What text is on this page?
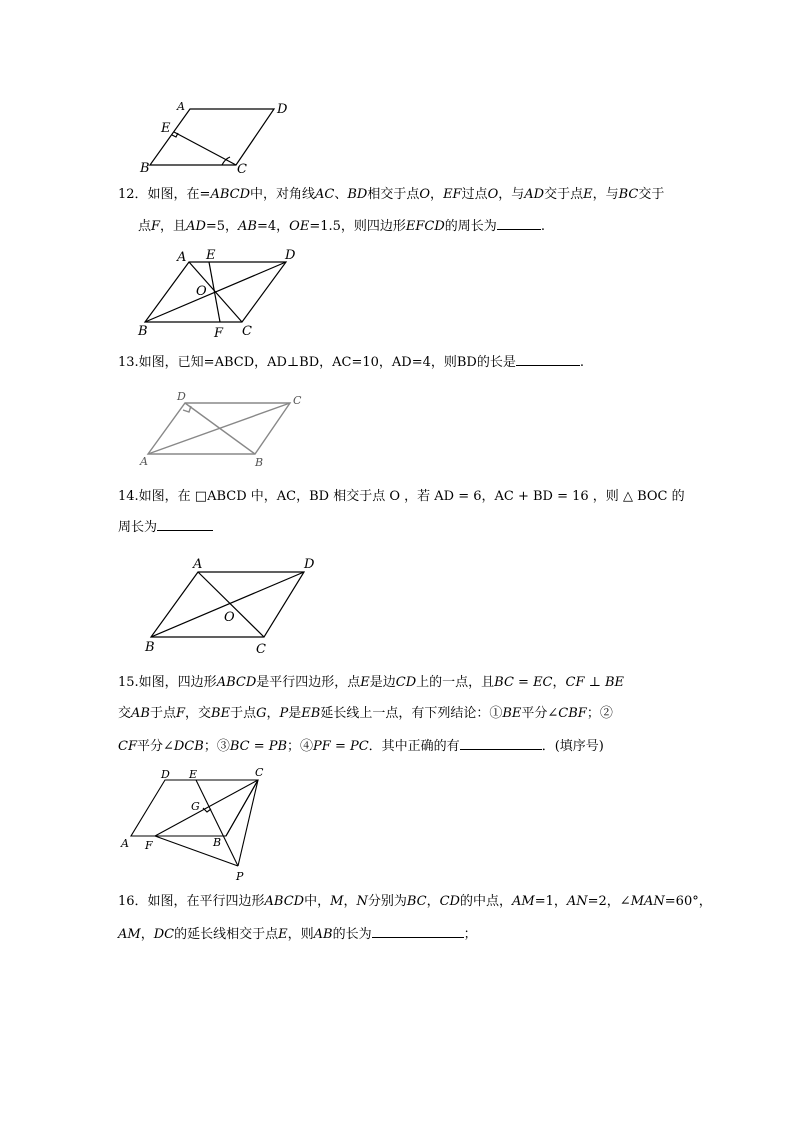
A	D
E
B	C
A E	D
O
B	F C
D	C
A	B
A	D
O
B	C
D E	C
G
A F	B
P
12．如图，在=ABCD中，对角线AC、BD相交于点O，EF过点O，与AD交于点E，与BC交于
点F，且AD=5，AB=4，OE=1.5，则四边形EFCD的周长为	.
13.如图，已知=ABCD，AD⊥BD，AC=10，AD=4，则BD的长是	.
14.如图，在 □ABCD 中，AC，BD 相交于点 O ，若 AD = 6，AC + BD = 16 ，则 △ BOC 的
周长为
15.如图，四边形ABCD是平行四边形，点E是边CD上的一点，且BC = EC，CF ⊥ BE
交AB于点F，交BE于点G，P是EB延长线上一点，有下列结论：①BE平分∠CBF；②
CF平分∠DCB；③BC = PB；④PF = PC．其中正确的有	．(填序号)
16．如图，在平行四边形ABCD中，M，N分别为BC，CD的中点，AM=1，AN=2，∠MAN=60°，
AM，DC的延长线相交于点E，则AB的长为	；
